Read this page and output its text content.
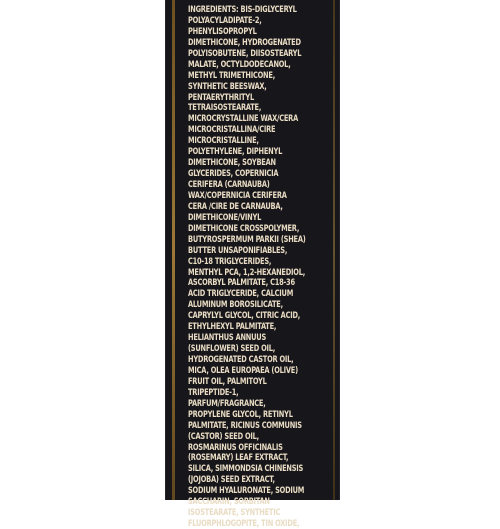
INGREDIENTS: BIS-DIGLYCERYL
POLYACYLADIPATE-2,
PHENYLISOPROPYL
DIMETHICONE, HYDROGENATED
POLYISOBUTENE, DIISOSTEARYL
MALATE, OCTYLDODECANOL,
METHYL TRIMETHICONE,
SYNTHETIC BEESWAX,
PENTAERYTHRITYL
TETRAISOSTEARATE,
MICROCRYSTALLINE WAX/CERA
MICROCRISTALLINA/CIRE
MICROCRISTALLINE,
POLYETHYLENE, DIPHENYL
DIMETHICONE, SOYBEAN
GLYCERIDES, COPERNICIA
CERIFERA (CARNAUBA)
WAX/COPERNICIA CERIFERA
CERA /CIRE DE CARNAUBA,
DIMETHICONE/VINYL
DIMETHICONE CROSSPOLYMER,
BUTYROSPERMUM PARKII (SHEA)
BUTTER UNSAPONIFIABLES,
C10-18 TRIGLYCERIDES,
MENTHYL PCA, 1,2-HEXANEDIOL,
ASCORBYL PALMITATE, C18-36
ACID TRIGLYCERIDE, CALCIUM
ALUMINUM BOROSILICATE,
CAPRYLYL GLYCOL, CITRIC ACID,
ETHYLHEXYL PALMITATE,
HELIANTHUS ANNUUS
(SUNFLOWER) SEED OIL,
HYDROGENATED CASTOR OIL,
MICA, OLEA EUROPAEA (OLIVE)
FRUIT OIL, PALMITOYL
TRIPEPTIDE-1,
PARFUM/FRAGRANCE,
PROPYLENE GLYCOL, RETINYL
PALMITATE, RICINUS COMMUNIS
(CASTOR) SEED OIL,
ROSMARINUS OFFICINALIS
(ROSEMARY) LEAF EXTRACT,
SILICA, SIMMONDSIA CHINENSIS
(JOJOBA) SEED EXTRACT,
SODIUM HYALURONATE, SODIUM
SACCHARIN, SORBITAN
ISOSTEARATE, SYNTHETIC
FLUORPHLOGOPITE, TIN OXIDE,
